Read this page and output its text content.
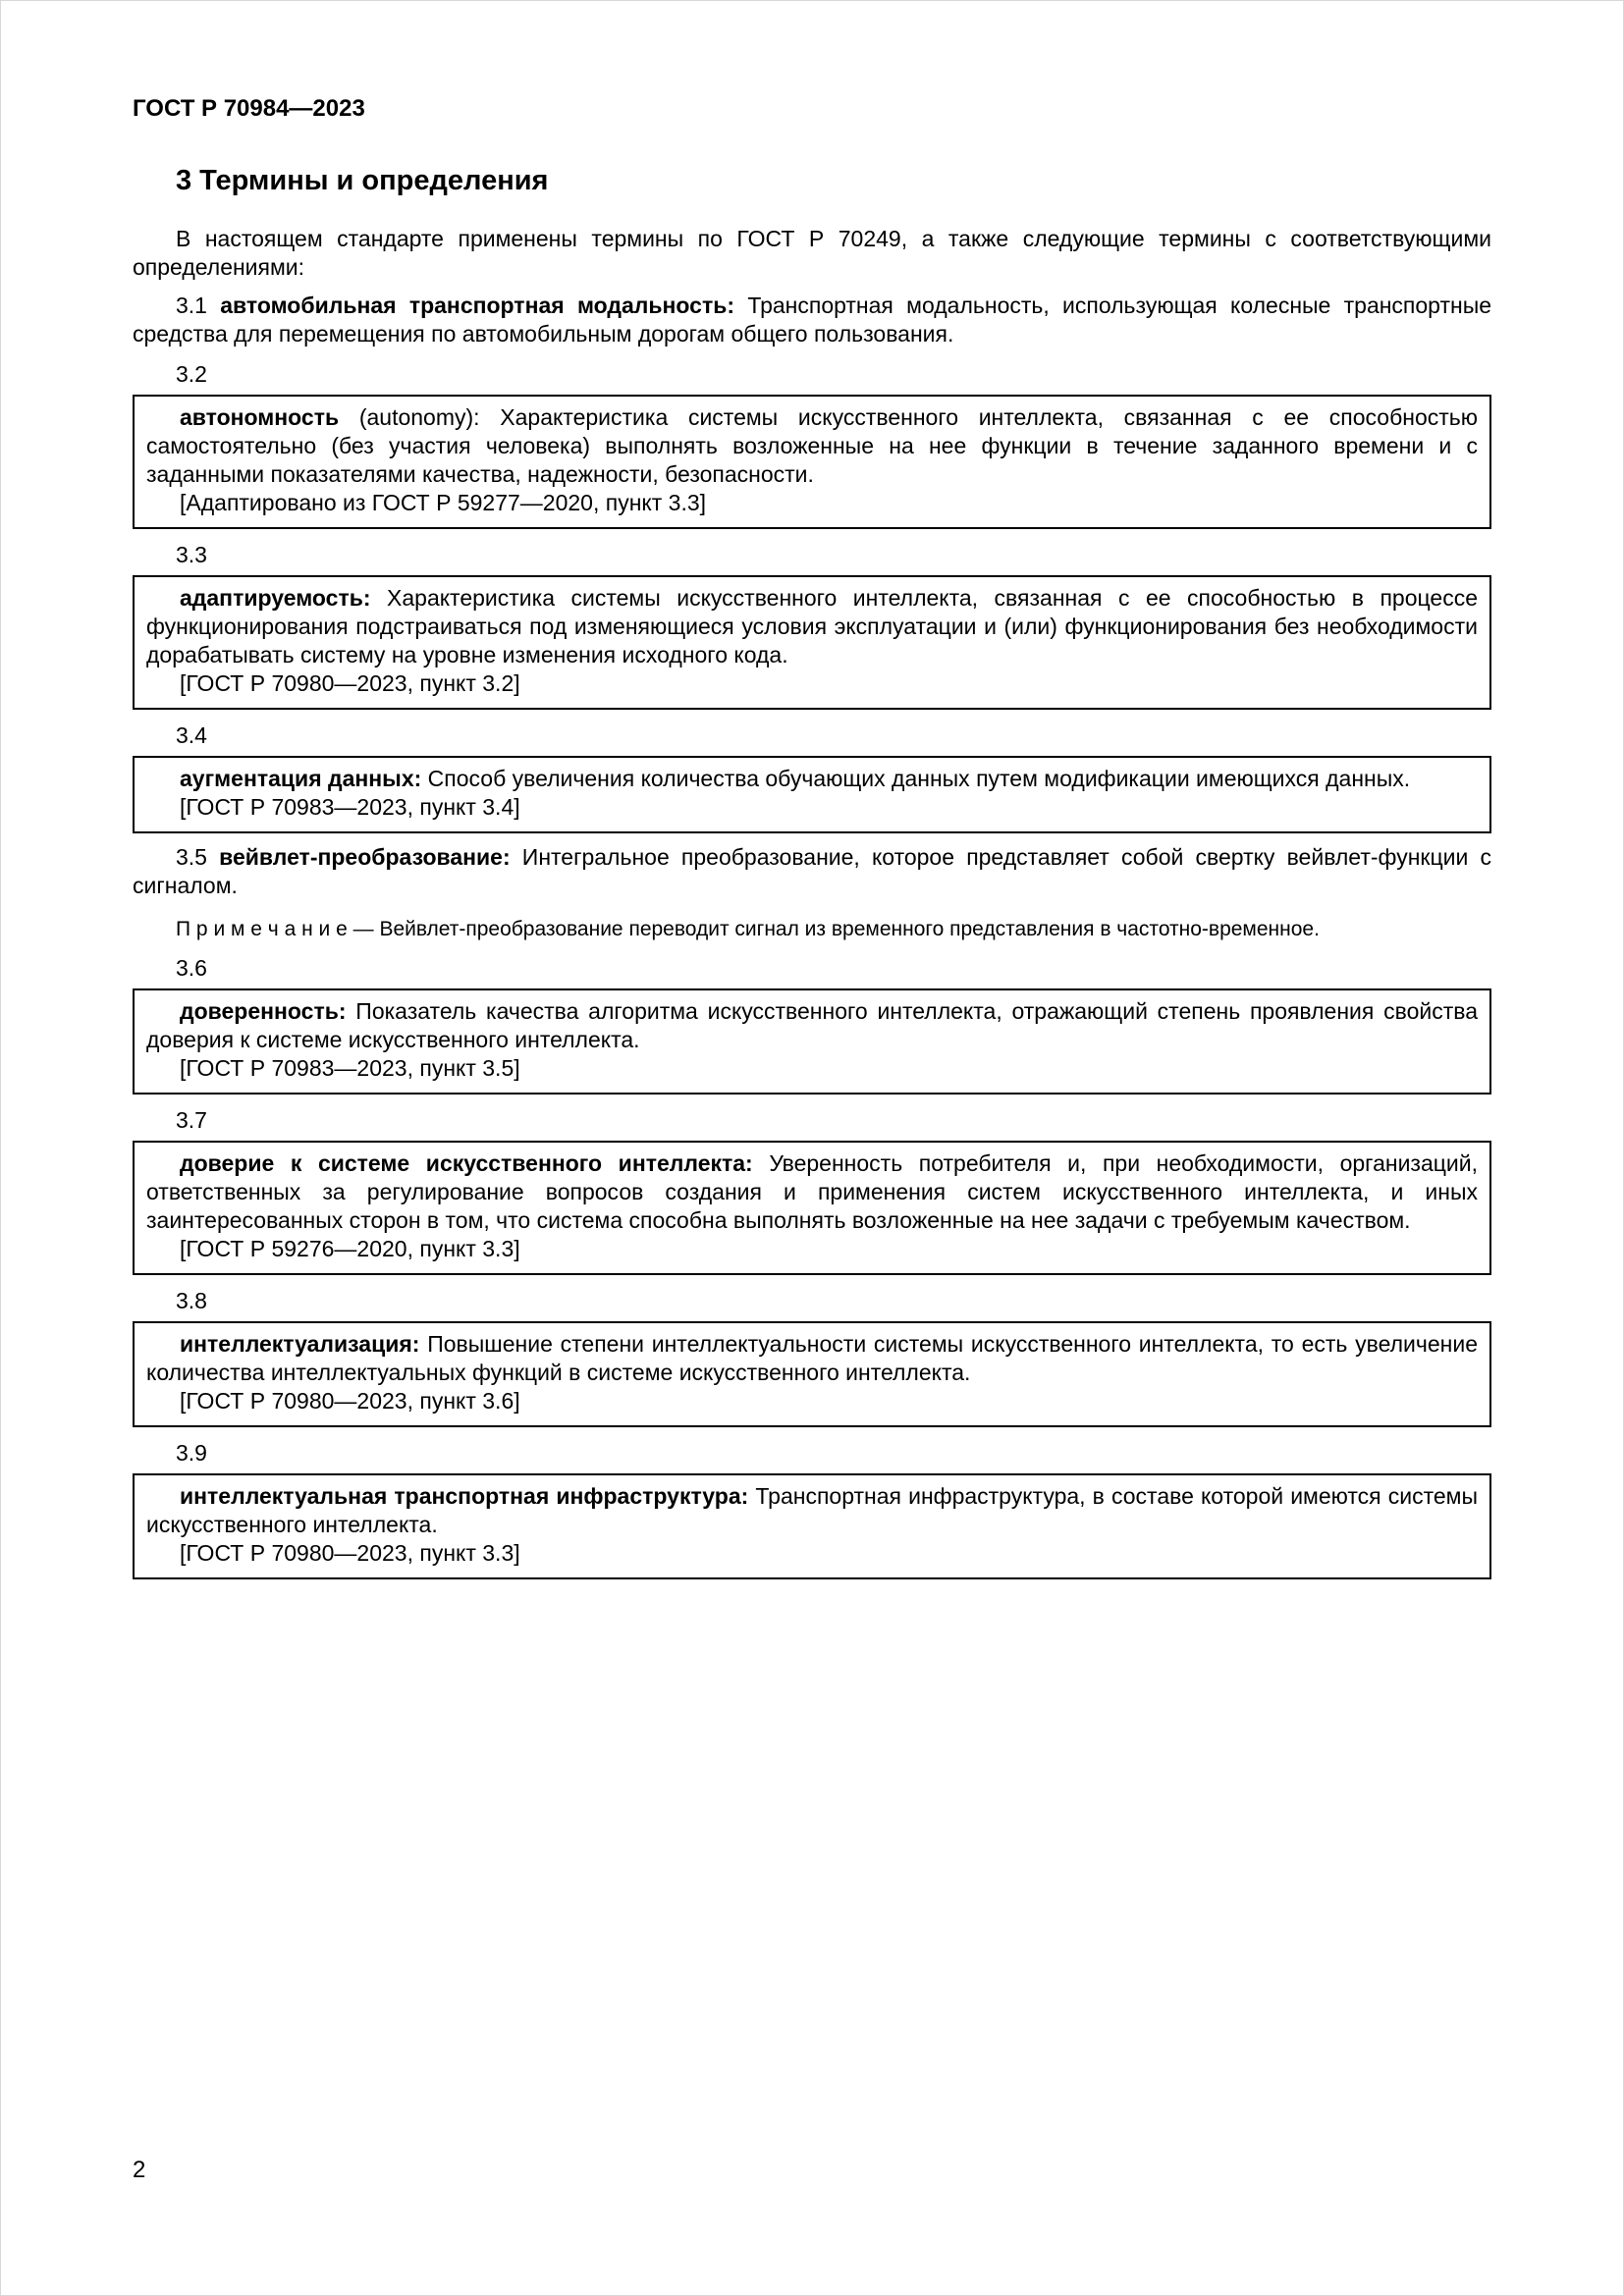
ГОСТ Р 70984—2023
3 Термины и определения

В настоящем стандарте применены термины по ГОСТ Р 70249, а также следующие термины с соответствующими определениями:

3.1 автомобильная транспортная модальность: Транспортная модальность, использующая колесные транспортные средства для перемещения по автомобильным дорогам общего пользования.

3.2

автономность (autonomy): Характеристика системы искусственного интеллекта, связанная с ее способностью самостоятельно (без участия человека) выполнять возложенные на нее функции в течение заданного времени и с заданными показателями качества, надежности, безопасности.

[Адаптировано из ГОСТ Р 59277—2020, пункт 3.3]

3.3

адаптируемость: Характеристика системы искусственного интеллекта, связанная с ее способностью в процессе функционирования подстраиваться под изменяющиеся условия эксплуатации и (или) функционирования без необходимости дорабатывать систему на уровне изменения исходного кода.

[ГОСТ Р 70980—2023, пункт 3.2]

3.4

аугментация данных: Способ увеличения количества обучающих данных путем модификации имеющихся данных.

[ГОСТ Р 70983—2023, пункт 3.4]

3.5 вейвлет-преобразование: Интегральное преобразование, которое представляет собой свертку вейвлет-функции с сигналом.

П р и м е ч а н и е — Вейвлет-преобразование переводит сигнал из временного представления в частотно-временное.

3.6

доверенность: Показатель качества алгоритма искусственного интеллекта, отражающий степень проявления свойства доверия к системе искусственного интеллекта.

[ГОСТ Р 70983—2023, пункт 3.5]

3.7

доверие к системе искусственного интеллекта: Уверенность потребителя и, при необходимости, организаций, ответственных за регулирование вопросов создания и применения систем искусственного интеллекта, и иных заинтересованных сторон в том, что система способна выполнять возложенные на нее задачи с требуемым качеством.

[ГОСТ Р 59276—2020, пункт 3.3]

3.8

интеллектуализация: Повышение степени интеллектуальности системы искусственного интеллекта, то есть увеличение количества интеллектуальных функций в системе искусственного интеллекта.

[ГОСТ Р 70980—2023, пункт 3.6]

3.9

интеллектуальная транспортная инфраструктура: Транспортная инфраструктура, в составе которой имеются системы искусственного интеллекта.

[ГОСТ Р 70980—2023, пункт 3.3]

2
